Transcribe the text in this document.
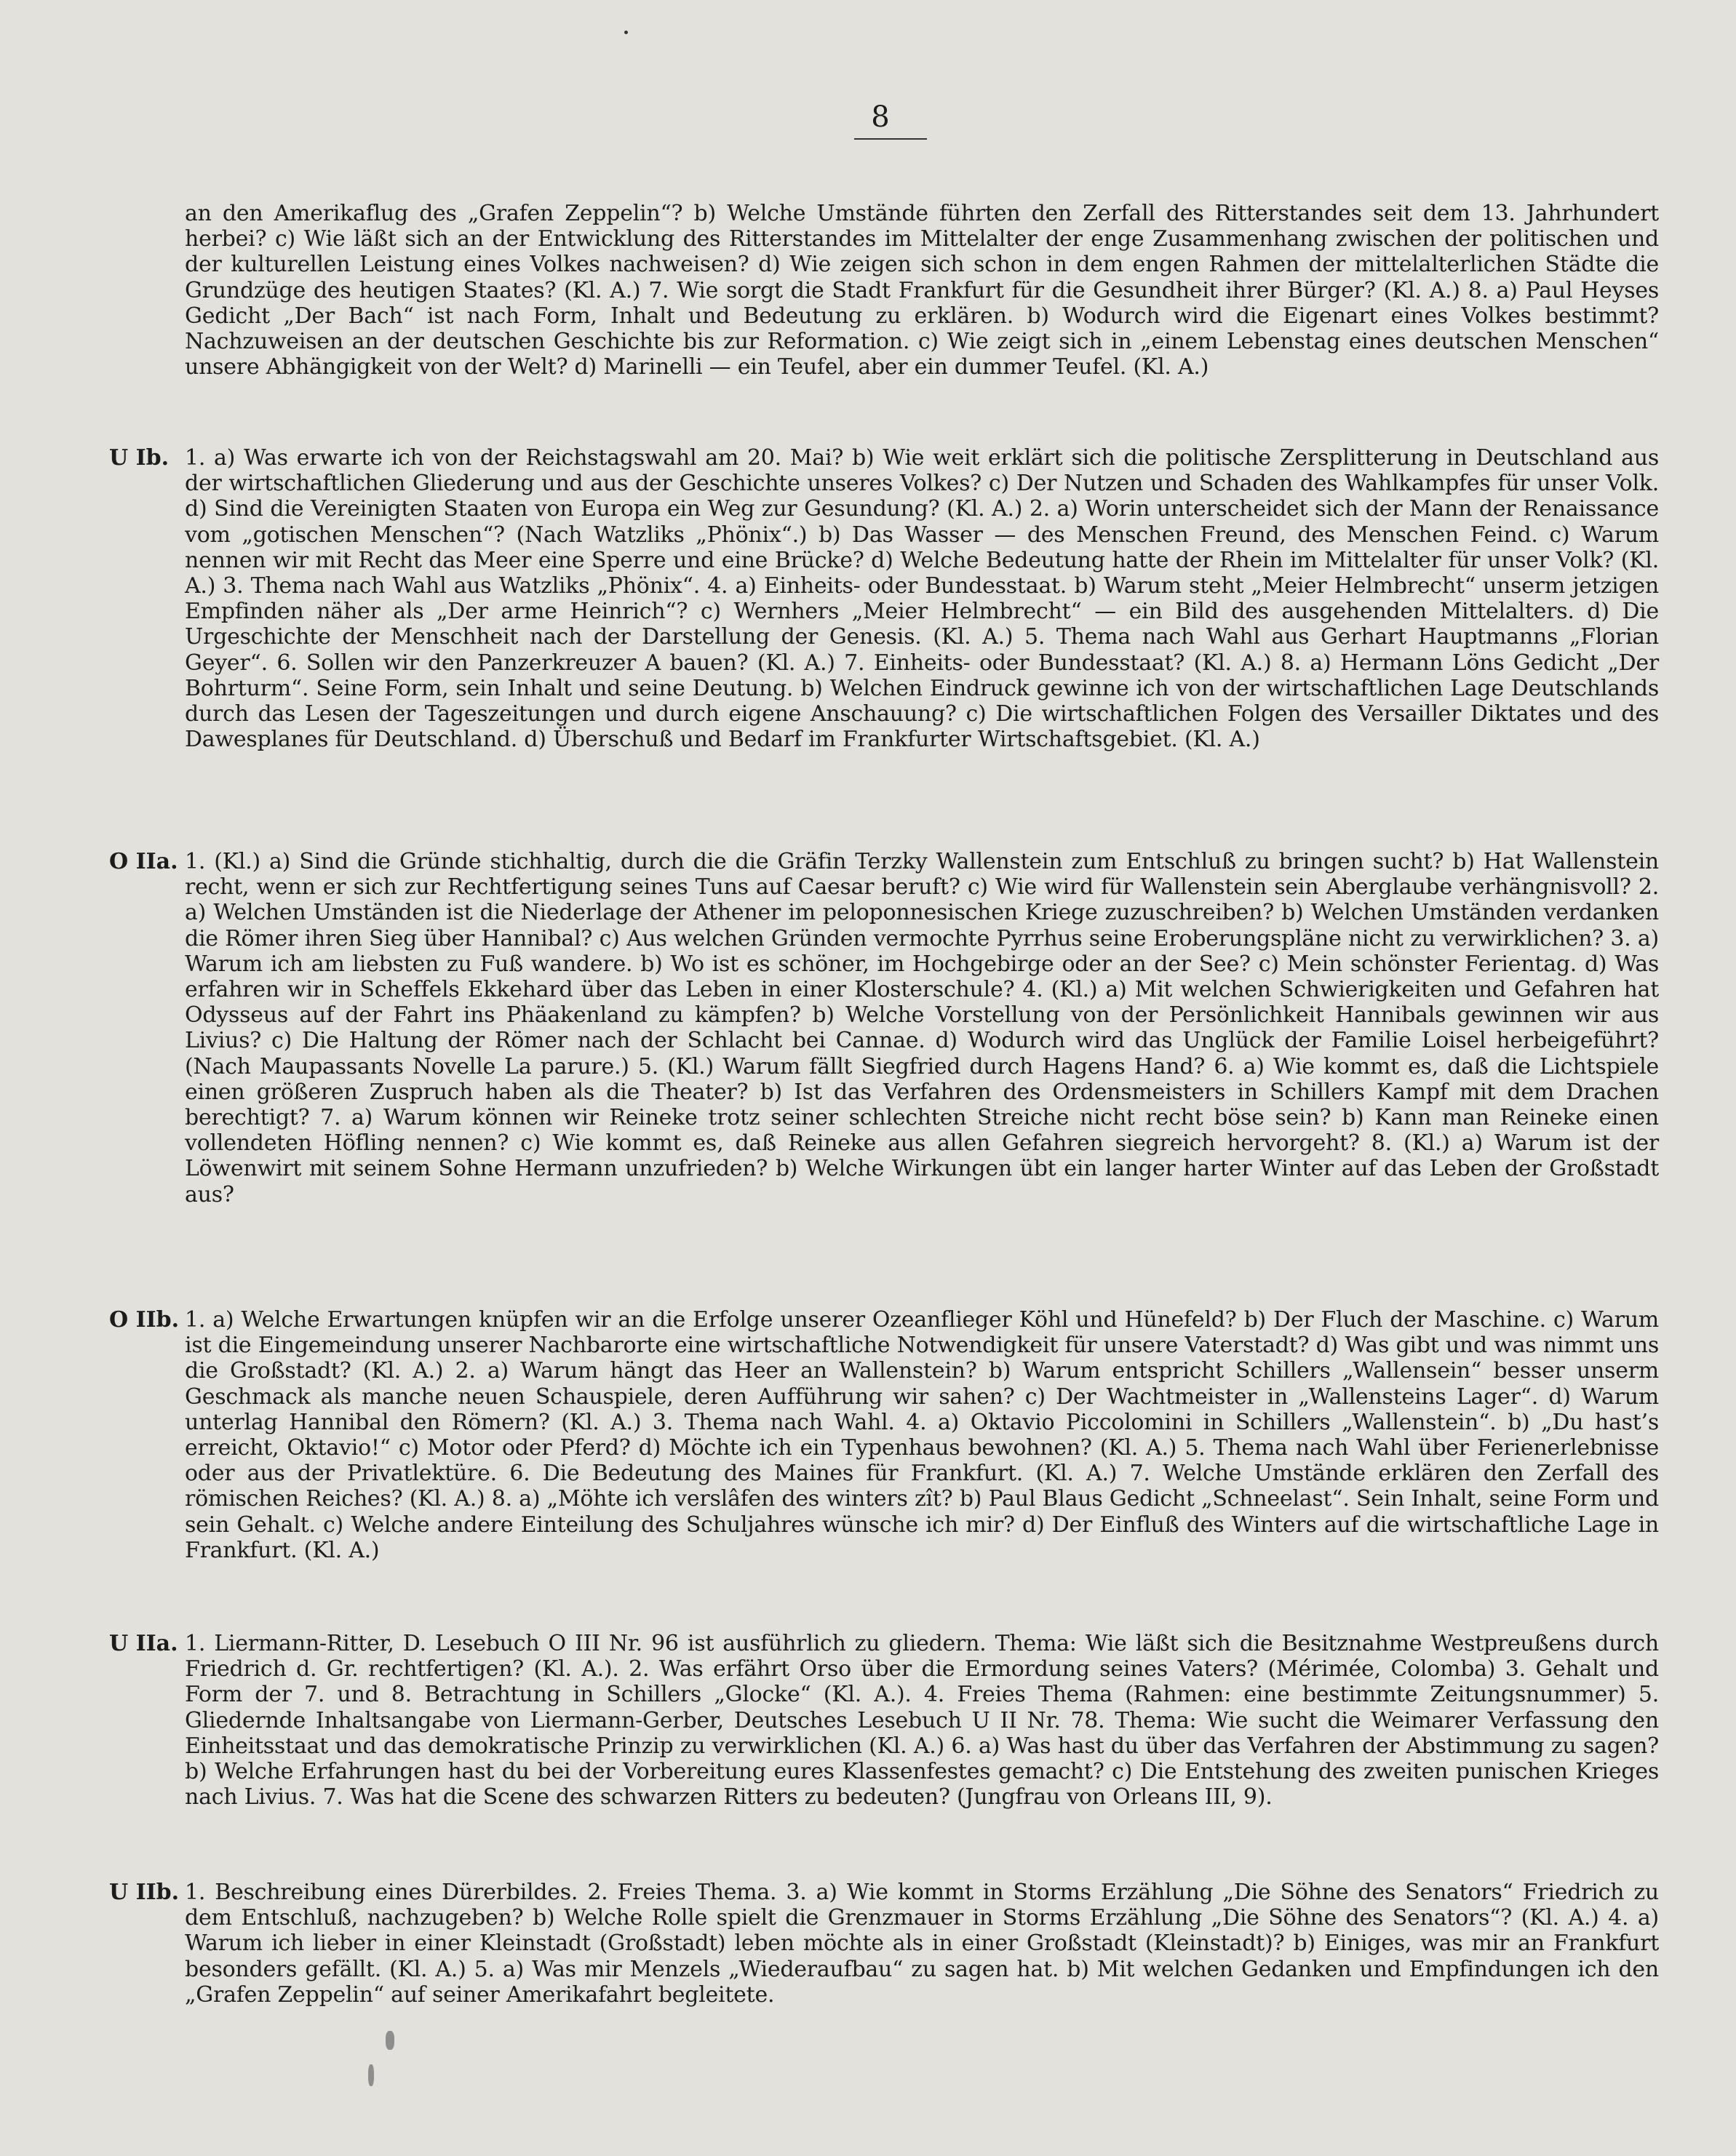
8
an den Amerikaflug des „Grafen Zeppelin“? b) Welche Umstände führten den Zerfall des Ritterstandes seit dem 13. Jahrhundert herbei? c) Wie läßt sich an der Entwicklung des Ritterstandes im Mittelalter der enge Zusammenhang zwischen der politischen und der kulturellen Leistung eines Volkes nachweisen? d) Wie zeigen sich schon in dem engen Rahmen der mittelalterlichen Städte die Grundzüge des heutigen Staates? (Kl. A.) 7. Wie sorgt die Stadt Frankfurt für die Gesundheit ihrer Bürger? (Kl. A.) 8. a) Paul Heyses Gedicht „Der Bach“ ist nach Form, Inhalt und Bedeutung zu erklären. b) Wodurch wird die Eigenart eines Volkes bestimmt? Nachzuweisen an der deutschen Geschichte bis zur Reformation. c) Wie zeigt sich in „einem Lebenstag eines deutschen Menschen“ unsere Abhängigkeit von der Welt? d) Marinelli — ein Teufel, aber ein dummer Teufel. (Kl. A.)
U Ib. 1. a) Was erwarte ich von der Reichstagswahl am 20. Mai? b) Wie weit erklärt sich die politische Zersplitterung in Deutschland aus der wirtschaftlichen Gliederung und aus der Geschichte unseres Volkes? c) Der Nutzen und Schaden des Wahlkampfes für unser Volk. d) Sind die Vereinigten Staaten von Europa ein Weg zur Gesundung? (Kl. A.) 2. a) Worin unterscheidet sich der Mann der Renaissance vom „gotischen Menschen“? (Nach Watzliks „Phönix“.) b) Das Wasser — des Menschen Freund, des Menschen Feind. c) Warum nennen wir mit Recht das Meer eine Sperre und eine Brücke? d) Welche Bedeutung hatte der Rhein im Mittelalter für unser Volk? (Kl. A.) 3. Thema nach Wahl aus Watzliks „Phönix“. 4. a) Einheits- oder Bundesstaat. b) Warum steht „Meier Helmbrecht“ unserm jetzigen Empfinden näher als „Der arme Heinrich“? c) Wernhers „Meier Helmbrecht“ — ein Bild des ausgehenden Mittelalters. d) Die Urgeschichte der Menschheit nach der Darstellung der Genesis. (Kl. A.) 5. Thema nach Wahl aus Gerhart Hauptmanns „Florian Geyer“. 6. Sollen wir den Panzerkreuzer A bauen? (Kl. A.) 7. Einheits- oder Bundesstaat? (Kl. A.) 8. a) Hermann Löns Gedicht „Der Bohrturm“. Seine Form, sein Inhalt und seine Deutung. b) Welchen Eindruck gewinne ich von der wirtschaftlichen Lage Deutschlands durch das Lesen der Tageszeitungen und durch eigene Anschauung? c) Die wirtschaftlichen Folgen des Versailler Diktates und des Dawesplanes für Deutschland. d) Überschuß und Bedarf im Frankfurter Wirtschaftsgebiet. (Kl. A.)
O IIa. 1. (Kl.) a) Sind die Gründe stichhaltig, durch die die Gräfin Terzky Wallenstein zum Entschluß zu bringen sucht? b) Hat Wallenstein recht, wenn er sich zur Rechtfertigung seines Tuns auf Caesar beruft? c) Wie wird für Wallenstein sein Aberglaube verhängnisvoll? 2. a) Welchen Umständen ist die Niederlage der Athener im peloponnesischen Kriege zuzuschreiben? b) Welchen Umständen verdanken die Römer ihren Sieg über Hannibal? c) Aus welchen Gründen vermochte Pyrrhus seine Eroberungspläne nicht zu verwirklichen? 3. a) Warum ich am liebsten zu Fuß wandere. b) Wo ist es schöner, im Hochgebirge oder an der See? c) Mein schönster Ferientag. d) Was erfahren wir in Scheffels Ekkehard über das Leben in einer Klosterschule? 4. (Kl.) a) Mit welchen Schwierigkeiten und Gefahren hat Odysseus auf der Fahrt ins Phäakenland zu kämpfen? b) Welche Vorstellung von der Persönlichkeit Hannibals gewinnen wir aus Livius? c) Die Haltung der Römer nach der Schlacht bei Cannae. d) Wodurch wird das Unglück der Familie Loisel herbeigeführt? (Nach Maupassants Novelle La parure.) 5. (Kl.) Warum fällt Siegfried durch Hagens Hand? 6. a) Wie kommt es, daß die Lichtspiele einen größeren Zuspruch haben als die Theater? b) Ist das Verfahren des Ordensmeisters in Schillers Kampf mit dem Drachen berechtigt? 7. a) Warum können wir Reineke trotz seiner schlechten Streiche nicht recht böse sein? b) Kann man Reineke einen vollendeten Höfling nennen? c) Wie kommt es, daß Reineke aus allen Gefahren siegreich hervorgeht? 8. (Kl.) a) Warum ist der Löwenwirt mit seinem Sohne Hermann unzufrieden? b) Welche Wirkungen übt ein langer harter Winter auf das Leben der Großstadt aus?
O IIb. 1. a) Welche Erwartungen knüpfen wir an die Erfolge unserer Ozeanflieger Köhl und Hünefeld? b) Der Fluch der Maschine. c) Warum ist die Eingemeindung unserer Nachbarorte eine wirtschaftliche Notwendigkeit für unsere Vaterstadt? d) Was gibt und was nimmt uns die Großstadt? (Kl. A.) 2. a) Warum hängt das Heer an Wallenstein? b) Warum entspricht Schillers „Wallensein“ besser unserm Geschmack als manche neuen Schauspiele, deren Aufführung wir sahen? c) Der Wachtmeister in „Wallensteins Lager“. d) Warum unterlag Hannibal den Römern? (Kl. A.) 3. Thema nach Wahl. 4. a) Oktavio Piccolomini in Schillers „Wallenstein“. b) „Du hast’s erreicht, Oktavio!“ c) Motor oder Pferd? d) Möchte ich ein Typenhaus bewohnen? (Kl. A.) 5. Thema nach Wahl über Ferienerlebnisse oder aus der Privatlektüre. 6. Die Bedeutung des Maines für Frankfurt. (Kl. A.) 7. Welche Umstände erklären den Zerfall des römischen Reiches? (Kl. A.) 8. a) „Möhte ich verslâfen des winters zît? b) Paul Blaus Gedicht „Schneelast“. Sein Inhalt, seine Form und sein Gehalt. c) Welche andere Einteilung des Schuljahres wünsche ich mir? d) Der Einfluß des Winters auf die wirtschaftliche Lage in Frankfurt. (Kl. A.)
U IIa. 1. Liermann-Ritter, D. Lesebuch O III Nr. 96 ist ausführlich zu gliedern. Thema: Wie läßt sich die Besitznahme Westpreußens durch Friedrich d. Gr. rechtfertigen? (Kl. A.). 2. Was erfährt Orso über die Ermordung seines Vaters? (Mérimée, Colomba) 3. Gehalt und Form der 7. und 8. Betrachtung in Schillers „Glocke“ (Kl. A.). 4. Freies Thema (Rahmen: eine bestimmte Zeitungsnummer) 5. Gliedernde Inhaltsangabe von Liermann-Gerber, Deutsches Lesebuch U II Nr. 78. Thema: Wie sucht die Weimarer Verfassung den Einheitsstaat und das demokratische Prinzip zu verwirklichen (Kl. A.) 6. a) Was hast du über das Verfahren der Abstimmung zu sagen? b) Welche Erfahrungen hast du bei der Vorbereitung eures Klassenfestes gemacht? c) Die Entstehung des zweiten punischen Krieges nach Livius. 7. Was hat die Scene des schwarzen Ritters zu bedeuten? (Jungfrau von Orleans III, 9).
U IIb. 1. Beschreibung eines Dürerbildes. 2. Freies Thema. 3. a) Wie kommt in Storms Erzählung „Die Söhne des Senators“ Friedrich zu dem Entschluß, nachzugeben? b) Welche Rolle spielt die Grenzmauer in Storms Erzählung „Die Söhne des Senators“? (Kl. A.) 4. a) Warum ich lieber in einer Kleinstadt (Großstadt) leben möchte als in einer Großstadt (Kleinstadt)? b) Einiges, was mir an Frankfurt besonders gefällt. (Kl. A.) 5. a) Was mir Menzels „Wiederaufbau“ zu sagen hat. b) Mit welchen Gedanken und Empfindungen ich den „Grafen Zeppelin“ auf seiner Amerikafahrt begleitete.
